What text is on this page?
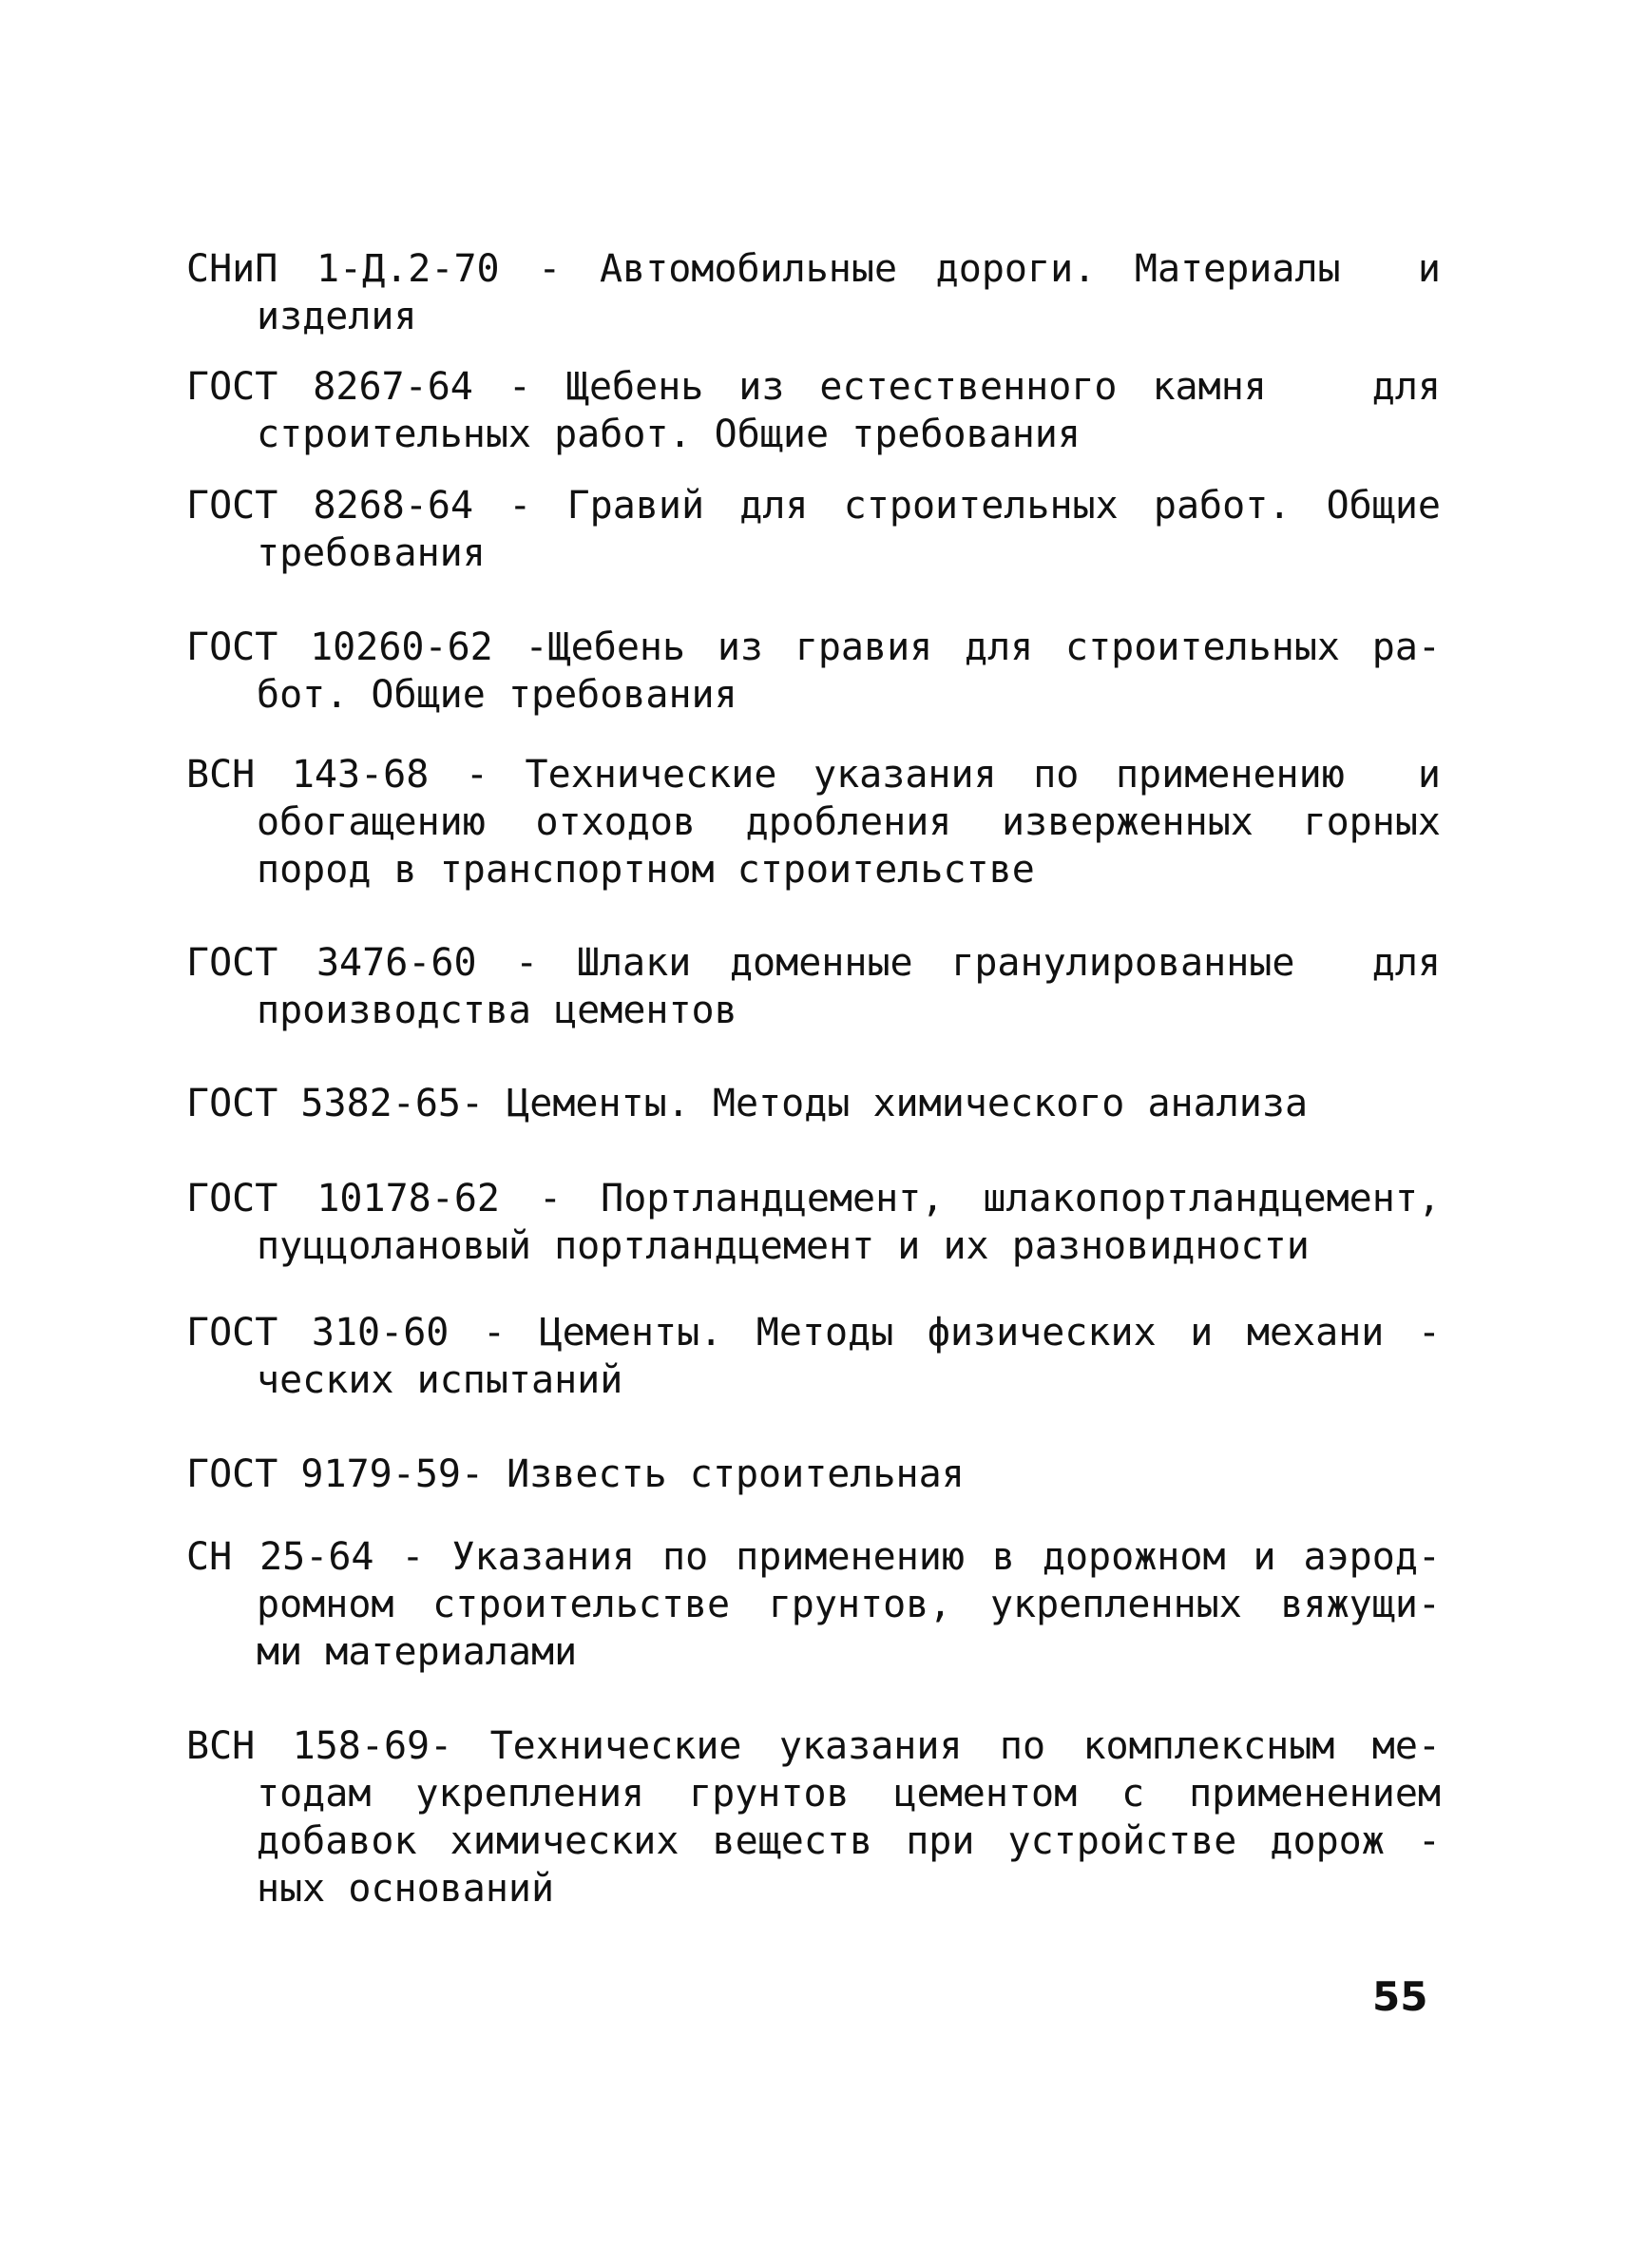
СНиП 1-Д.2-70 - Автомобильные дороги. Материалы  и
изделия
ГОСТ 8267-64 - Щебень из естественного камня   для
строительных работ. Общие требования
ГОСТ 8268-64 - Гравий для строительных работ. Общие
требования
ГОСТ 10260-62 -Щебень из гравия для строительных ра-
бот. Общие требования
ВСН 143-68 - Технические указания по применению  и
обогащению отходов дробления изверженных горных
пород в транспортном строительстве
ГОСТ 3476-60 - Шлаки доменные гранулированные  для
производства цементов
ГОСТ 5382-65- Цементы. Методы химического анализа
ГОСТ 10178-62 - Портландцемент, шлакопортландцемент,
пуццолановый портландцемент и их разновидности
ГОСТ 310-60 - Цементы. Методы физических и механи -
ческих испытаний
ГОСТ 9179-59- Известь строительная
СН 25-64 - Указания по применению в дорожном и аэрод-
ромном строительстве грунтов, укрепленных вяжущи-
ми материалами
ВСН 158-69- Технические указания по комплексным ме-
тодам укрепления грунтов цементом с применением
добавок химических веществ при устройстве дорож -
ных оснований
55
